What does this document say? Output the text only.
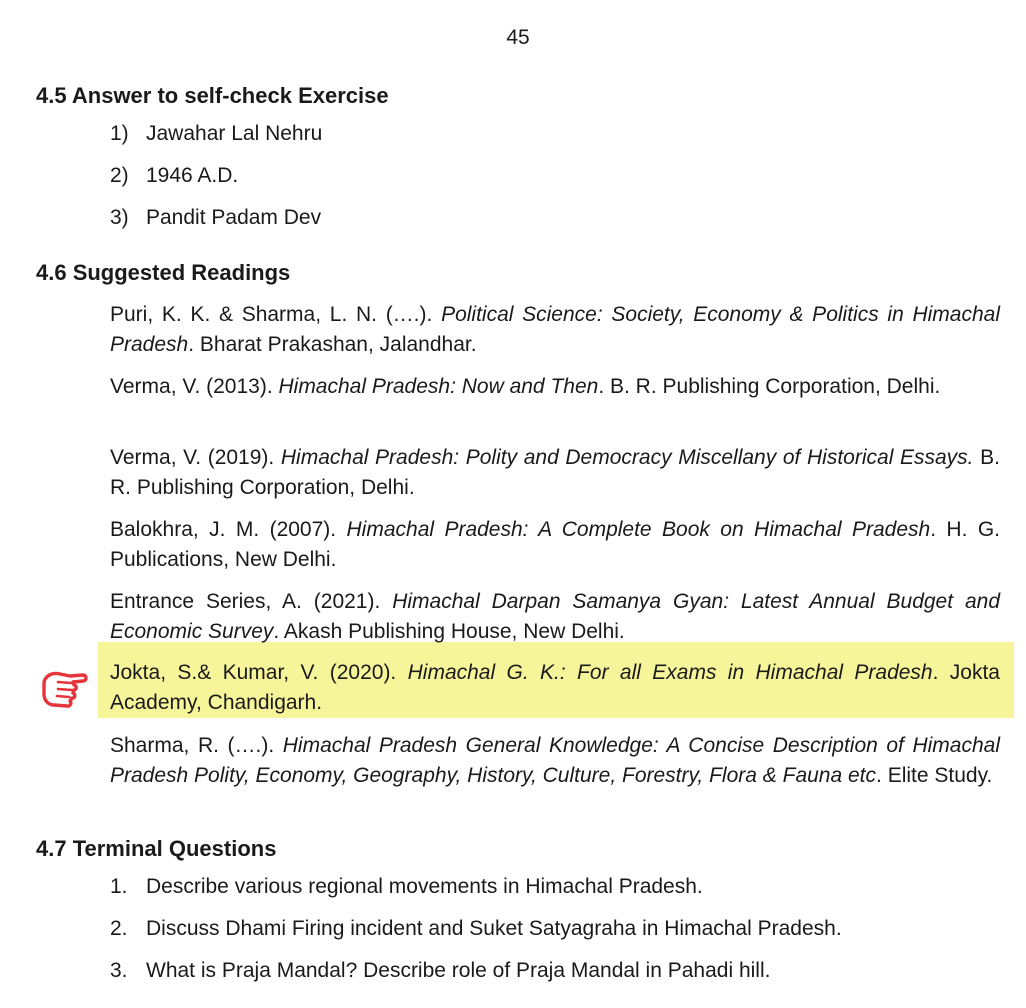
45
4.5 Answer to self-check Exercise
1) Jawahar Lal Nehru
2) 1946 A.D.
3) Pandit Padam Dev
4.6 Suggested Readings
Puri, K. K. & Sharma, L. N. (….). Political Science: Society, Economy & Politics in Himachal Pradesh. Bharat Prakashan, Jalandhar.
Verma, V. (2013). Himachal Pradesh: Now and Then. B. R. Publishing Corporation, Delhi.
Verma, V. (2019). Himachal Pradesh: Polity and Democracy Miscellany of Historical Essays. B. R. Publishing Corporation, Delhi.
Balokhra, J. M. (2007). Himachal Pradesh: A Complete Book on Himachal Pradesh. H. G. Publications, New Delhi.
Entrance Series, A. (2021). Himachal Darpan Samanya Gyan: Latest Annual Budget and Economic Survey. Akash Publishing House, New Delhi.
Jokta, S.& Kumar, V. (2020). Himachal G. K.: For all Exams in Himachal Pradesh. Jokta Academy, Chandigarh.
Sharma, R. (….). Himachal Pradesh General Knowledge: A Concise Description of Himachal Pradesh Polity, Economy, Geography, History, Culture, Forestry, Flora & Fauna etc. Elite Study.
4.7 Terminal Questions
1. Describe various regional movements in Himachal Pradesh.
2. Discuss Dhami Firing incident and Suket Satyagraha in Himachal Pradesh.
3. What is Praja Mandal? Describe role of Praja Mandal in Pahadi hill.
